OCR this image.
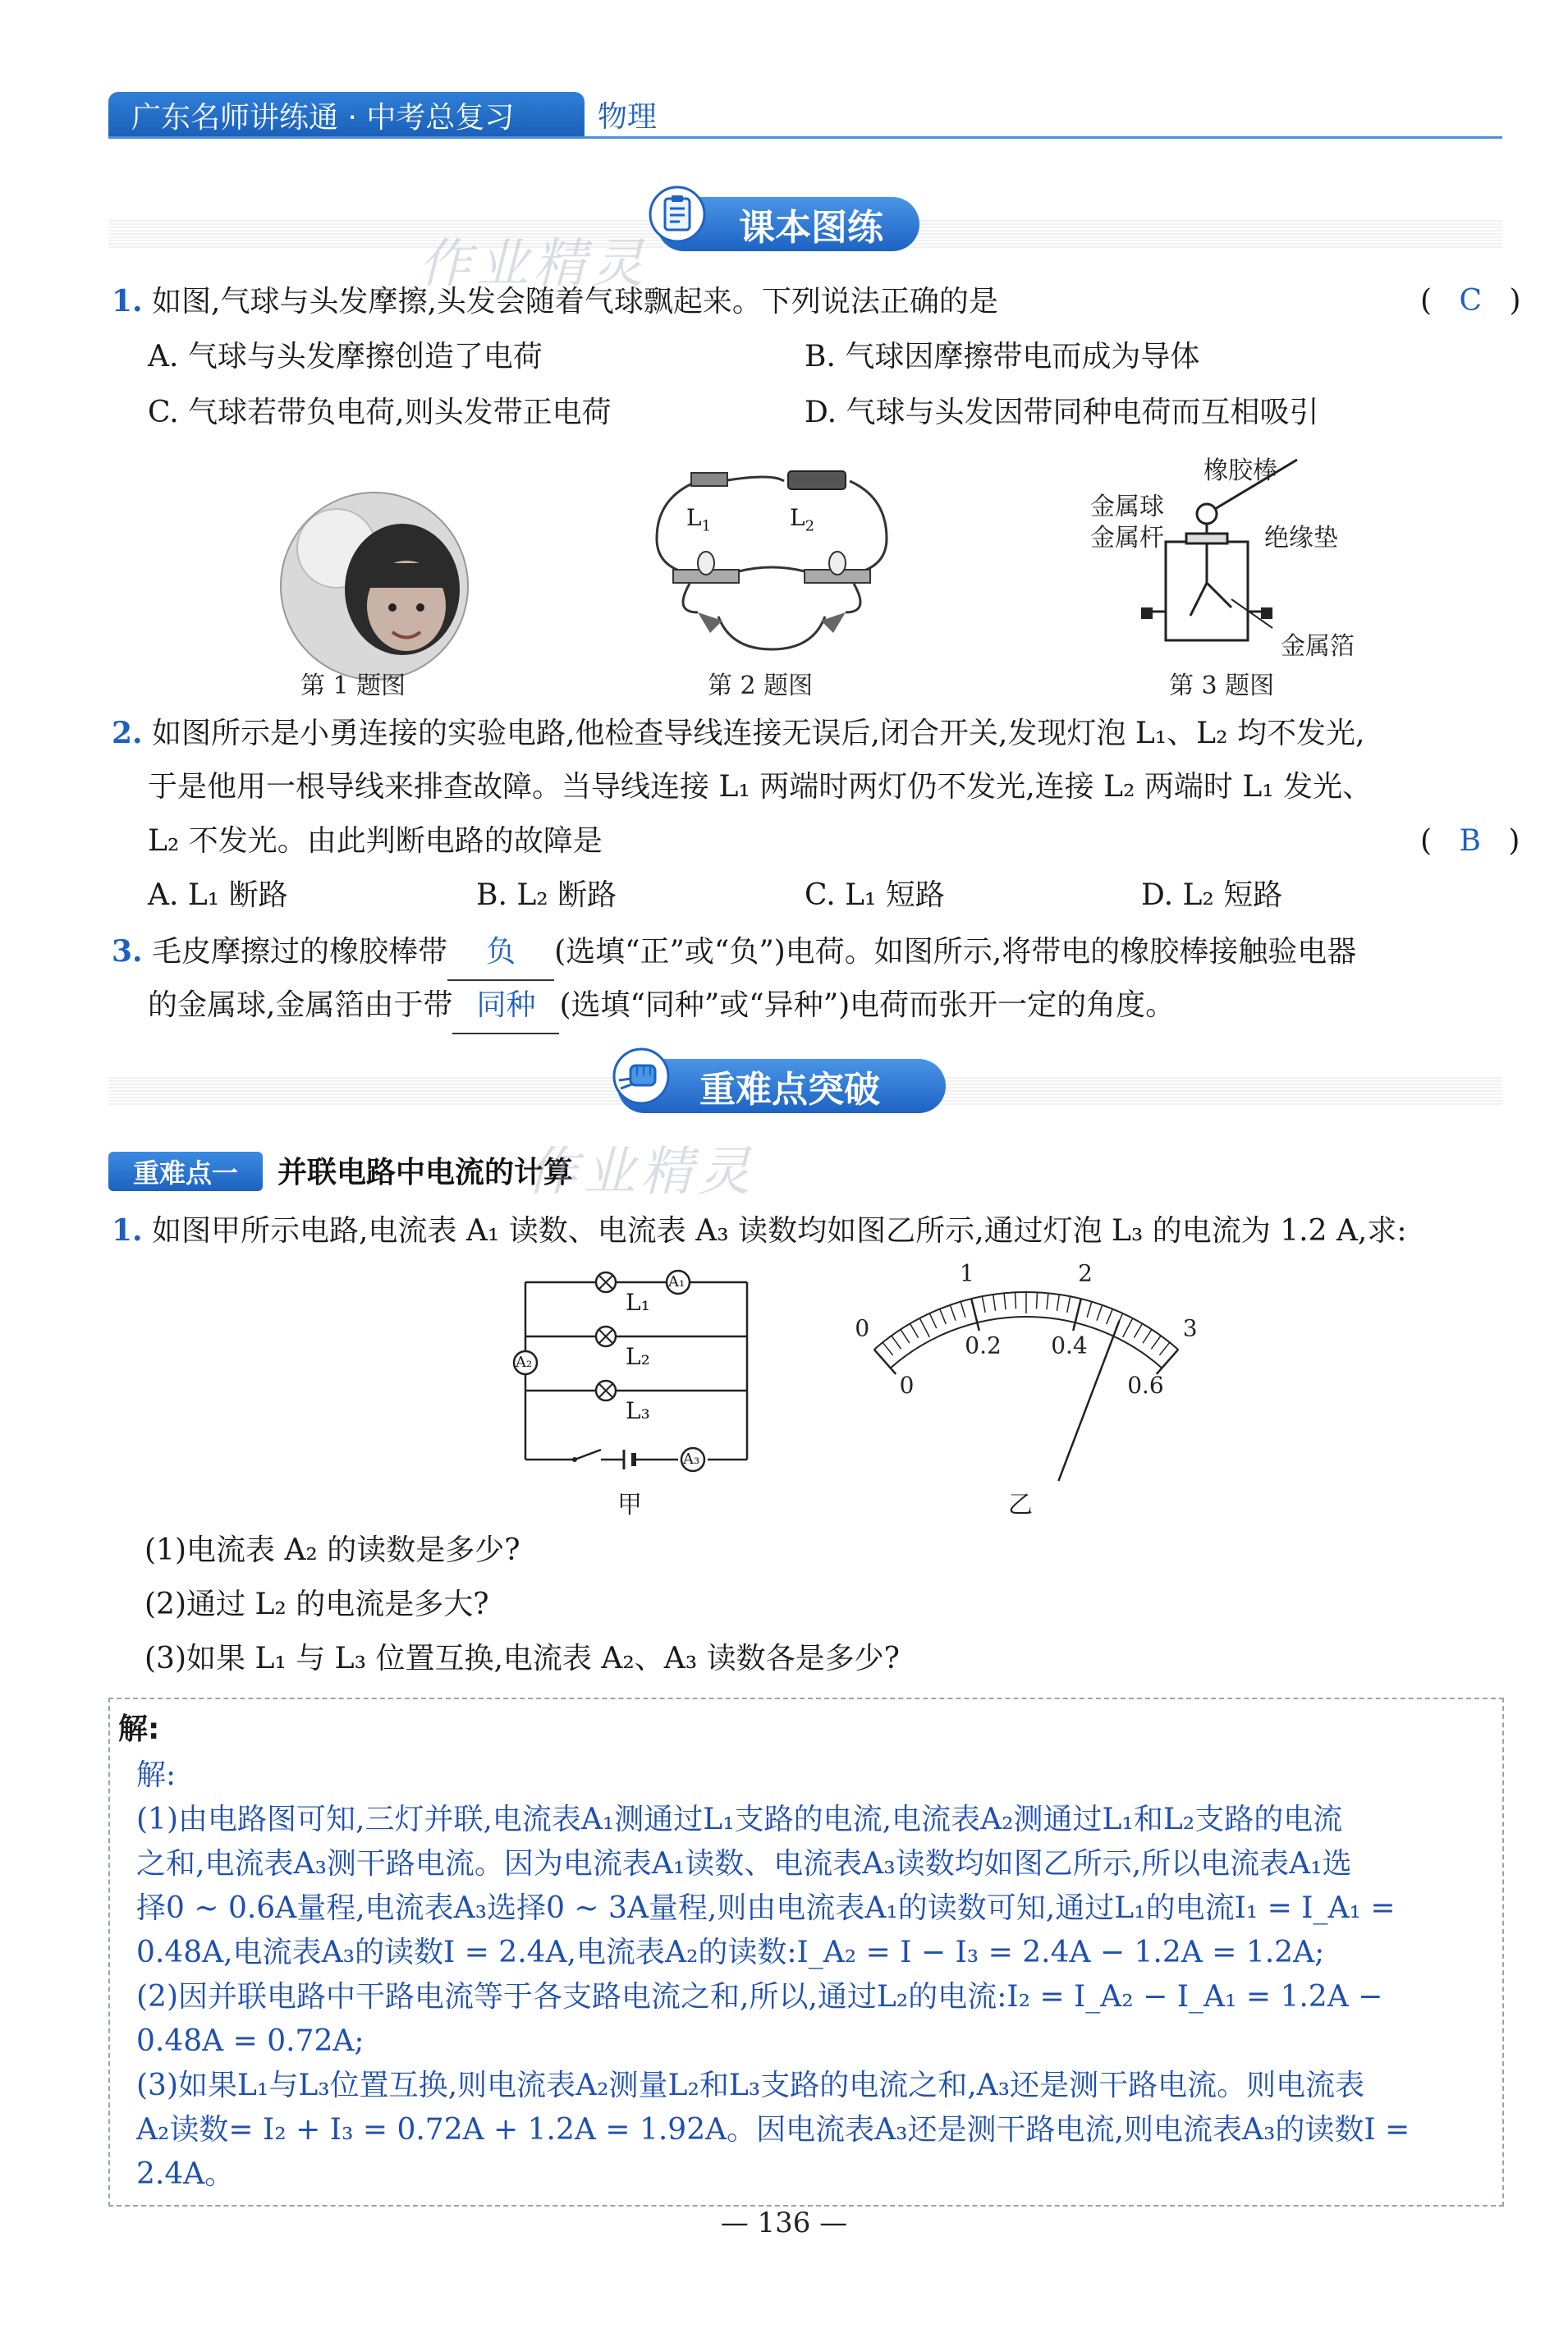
广东名师讲练通 · 中考总复习	物理
课本图练
作业精灵
1. 如图,气球与头发摩擦,头发会随着气球飘起来。下列说法正确的是	( C )
A. 气球与头发摩擦创造了电荷	B. 气球因摩擦带电而成为导体
C. 气球若带负电荷,则头发带正电荷	D. 气球与头发因带同种电荷而互相吸引
第 1 题图
$L_1$	$L_2$
第 2 题图
橡胶棒
金属球
金属杆	绝缘垫
金属箔
第 3 题图
2. 如图所示是小勇连接的实验电路,他检查导线连接无误后,闭合开关,发现灯泡 L₁、L₂ 均不发光,
于是他用一根导线来排查故障。当导线连接 L₁ 两端时两灯仍不发光,连接 L₂ 两端时 L₁ 发光、
L₂ 不发光。由此判断电路的故障是	( B )
A. L₁ 断路	B. L₂ 断路	C. L₁ 短路	D. L₂ 短路
3. 毛皮摩擦过的橡胶棒带 负 (选填“正”或“负”)电荷。如图所示,将带电的橡胶棒接触验电器
的金属球,金属箔由于带 同种 (选填“同种”或“异种”)电荷而张开一定的角度。
重难点突破
重难点一	并联电路中电流的计算
作业精灵
1. 如图甲所示电路,电流表 A₁ 读数、电流表 A₃ 读数均如图乙所示,通过灯泡 L₃ 的电流为 1.2 A,求:
A₁
A₂
A₃
L₁
L₂
L₃
甲
0
1	2
3
0
0.2 0.4
0.6
乙
(1)电流表 A₂ 的读数是多少?
(2)通过 L₂ 的电流是多大?
(3)如果 L₁ 与 L₃ 位置互换,电流表 A₂、A₃ 读数各是多少?
解:
解:
(1)由电路图可知,三灯并联,电流表A₁测通过L₁支路的电流,电流表A₂测通过L₁和L₂支路的电流
之和,电流表A₃测干路电流。因为电流表A₁读数、电流表A₃读数均如图乙所示,所以电流表A₁选
择0 ~ 0.6A量程,电流表A₃选择0 ~ 3A量程,则由电流表A₁的读数可知,通过L₁的电流I₁ = I_A₁ =
0.48A,电流表A₃的读数I = 2.4A,电流表A₂的读数:I_A₂ = I − I₃ = 2.4A − 1.2A = 1.2A;
(2)因并联电路中干路电流等于各支路电流之和,所以,通过L₂的电流:I₂ = I_A₂ − I_A₁ = 1.2A −
0.48A = 0.72A;
(3)如果L₁与L₃位置互换,则电流表A₂测量L₂和L₃支路的电流之和,A₃还是测干路电流。则电流表
A₂读数= I₂ + I₃ = 0.72A + 1.2A = 1.92A。因电流表A₃还是测干路电流,则电流表A₃的读数I =
2.4A。
— 136 —
